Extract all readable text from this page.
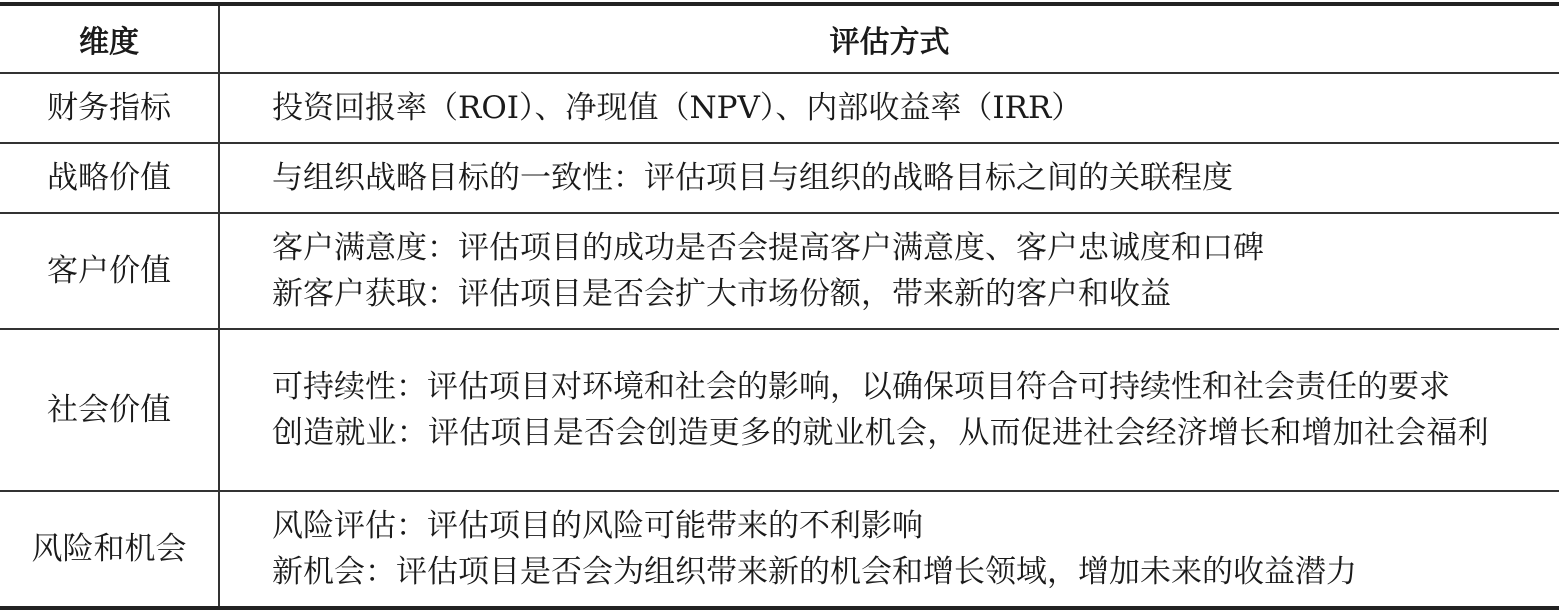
维度	评估方式
财务指标	投资回报率（ROI）、净现值（NPV）、内部收益率（IRR）

战略价值	与组织战略目标的一致性：评估项目与组织的战略目标之间的关联程度

客户价值	客户满意度：评估项目的成功是否会提高客户满意度、客户忠诚度和口碑
新客户获取：评估项目是否会扩大市场份额，带来新的客户和收益

社会价值	可持续性：评估项目对环境和社会的影响，以确保项目符合可持续性和社会责任的要求
创造就业：评估项目是否会创造更多的就业机会，从而促进社会经济增长和增加社会福利

风险和机会	风险评估：评估项目的风险可能带来的不利影响
新机会：评估项目是否会为组织带来新的机会和增长领域，增加未来的收益潜力
